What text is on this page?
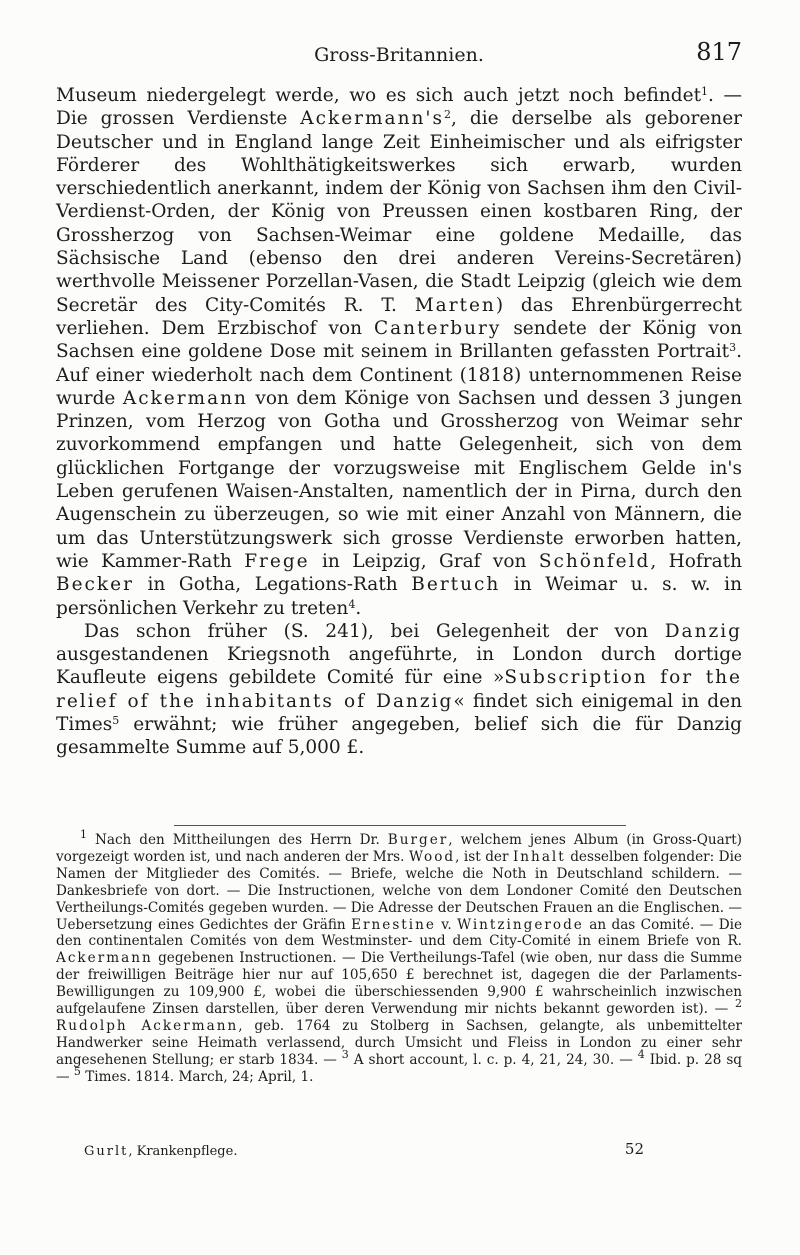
Gross-Britannien.	817

Museum niedergelegt werde, wo es sich auch jetzt noch befindet$^1$. — Die grossen Verdienste $Ackermann's^2$, die derselbe als geborener Deutscher und in England lange Zeit Einheimischer und als eifrigster Förderer des Wohlthätigkeitswerkes sich erwarb, wurden verschiedentlich anerkannt, indem der König von Sachsen ihm den Civil-Verdienst-Orden, der König von Preussen einen kostbaren Ring, der Grossherzog von Sachsen-Weimar eine goldene Medaille, das Sächsische Land (ebenso den drei anderen Vereins-Secretären) werthvolle Meissener Porzellan-Vasen, die Stadt Leipzig (gleich wie dem Secretär des City-Comités R. T. Marten) das Ehrenbürgerrecht verliehen. Dem Erzbischof von Canterbury sendete der König von Sachsen eine goldene Dose mit seinem in Brillanten gefassten Portrait$^3$. Auf einer wiederholt nach dem Continent (1818) unternommenen Reise wurde Ackermann von dem Könige von Sachsen und dessen 3 jungen Prinzen, vom Herzog von Gotha und Grossherzog von Weimar sehr zuvorkommend empfangen und hatte Gelegenheit, sich von dem glücklichen Fortgange der vorzugsweise mit Englischem Gelde in's Leben gerufenen Waisen-Anstalten, namentlich der in Pirna, durch den Augenschein zu überzeugen, so wie mit einer Anzahl von Männern, die um das Unterstützungswerk sich grosse Verdienste erworben hatten, wie Kammer-Rath Frege in Leipzig, Graf von Schönfeld, Hofrath Becker in Gotha, Legations-Rath Bertuch in Weimar u. s. w. in persönlichen Verkehr zu treten$^4$.

Das schon früher (S. 241), bei Gelegenheit der von Danzig ausgestandenen Kriegsnoth angeführte, in London durch dortige Kaufleute eigens gebildete Comité für eine »Subscription for the relief of the inhabitants of Danzig« findet sich einigemal in den Times$^5$ erwähnt; wie früher angegeben, belief sich die für Danzig gesammelte Summe auf 5,000 £.

$^1$ Nach den Mittheilungen des Herrn Dr. Burger, welchem jenes Album (in Gross-Quart) vorgezeigt worden ist, und nach anderen der Mrs. Wood, ist der Inhalt desselben folgender: Die Namen der Mitglieder des Comités. — Briefe, welche die Noth in Deutschland schildern. — Dankesbriefe von dort. — Die Instructionen, welche von dem Londoner Comité den Deutschen Vertheilungs-Comités gegeben wurden. — Die Adresse der Deutschen Frauen an die Englischen. — Uebersetzung eines Gedichtes der Gräfin Ernestine v. Wintzingerode an das Comité. — Die den continentalen Comités von dem Westminster- und dem City-Comité in einem Briefe von R. Ackermann gegebenen Instructionen. — Die Vertheilungs-Tafel (wie oben, nur dass die Summe der freiwilligen Beiträge hier nur auf 105,650 £ berechnet ist, dagegen die der Parlaments-Bewilligungen zu 109,900 £, wobei die überschiessenden 9,900 £ wahrscheinlich inzwischen aufgelaufene Zinsen darstellen, über deren Verwendung mir nichts bekannt geworden ist). — $^2$ Rudolph Ackermann, geb. 1764 zu Stolberg in Sachsen, gelangte, als unbemittelter Handwerker seine Heimath verlassend, durch Umsicht und Fleiss in London zu einer sehr angesehenen Stellung; er starb 1834. — $^3$ A short account, l. c. p. 4, 21, 24, 30. — $^4$ Ibid. p. 28 sq — $^5$ Times. 1814. March, 24; April, 1.

Gurlt, Krankenpflege.	52
